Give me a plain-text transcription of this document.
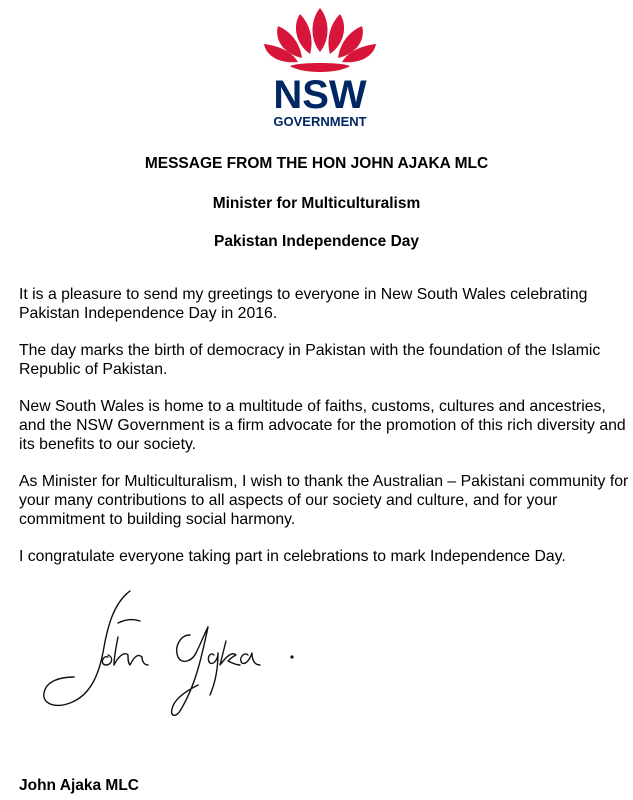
NSW
GOVERNMENT

MESSAGE FROM THE HON JOHN AJAKA MLC

Minister for Multiculturalism

Pakistan Independence Day

It is a pleasure to send my greetings to everyone in New South Wales celebrating Pakistan Independence Day in 2016.

The day marks the birth of democracy in Pakistan with the foundation of the Islamic Republic of Pakistan.

New South Wales is home to a multitude of faiths, customs, cultures and ancestries, and the NSW Government is a firm advocate for the promotion of this rich diversity and its benefits to our society.

As Minister for Multiculturalism, I wish to thank the Australian – Pakistani community for your many contributions to all aspects of our society and culture, and for your commitment to building social harmony.

I congratulate everyone taking part in celebrations to mark Independence Day.

John Ajaka MLC
